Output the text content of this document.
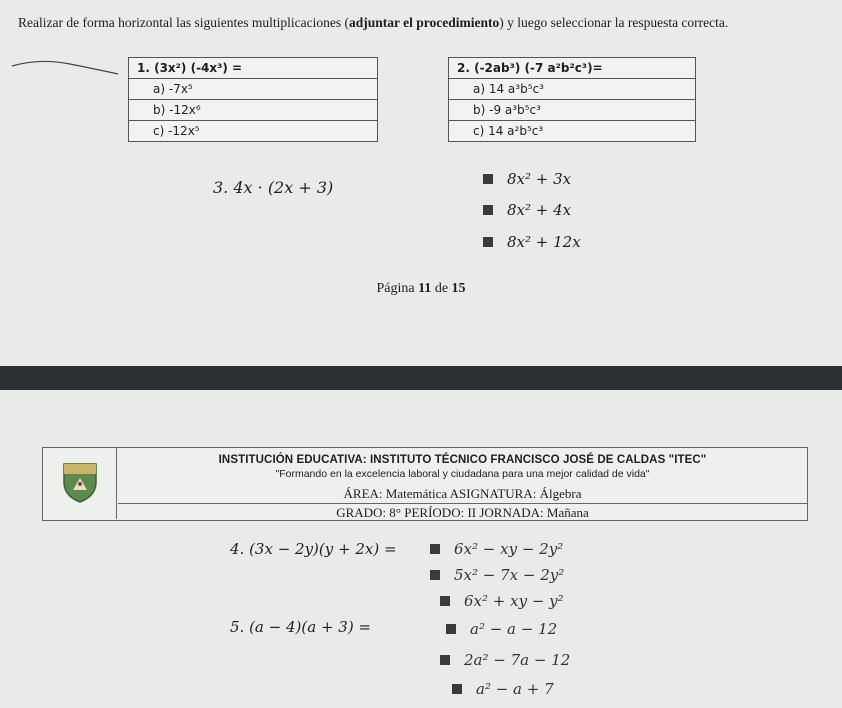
Realizar de forma horizontal las siguientes multiplicaciones (adjuntar el procedimiento) y luego seleccionar la respuesta correcta.
1. (3x²) (-4x³) =
a) -7x⁵
b) -12x⁶
c) -12x⁵
2. (-2ab³) (-7 a²b²c³)=
a) 14 a³b⁵c³
b) -9 a³b⁵c³
c) 14 a²b⁵c³
3. 4x · (2x + 3)	8x² + 3x
8x² + 4x
8x² + 12x
Página 11 de 15
INSTITUCIÓN EDUCATIVA: INSTITUTO TÉCNICO FRANCISCO JOSÉ DE CALDAS "ITEC"
"Formando en la excelencia laboral y ciudadana para una mejor calidad de vida"
ÁREA: Matemática ASIGNATURA: Álgebra
GRADO: 8° PERÍODO: II JORNADA: Mañana
4. (3x − 2y)(y + 2x) =	6x² − xy − 2y²
5x² − 7x − 2y²
6x² + xy − y²
5. (a − 4)(a + 3) =	a² − a − 12
2a² − 7a − 12
a² − a + 7
